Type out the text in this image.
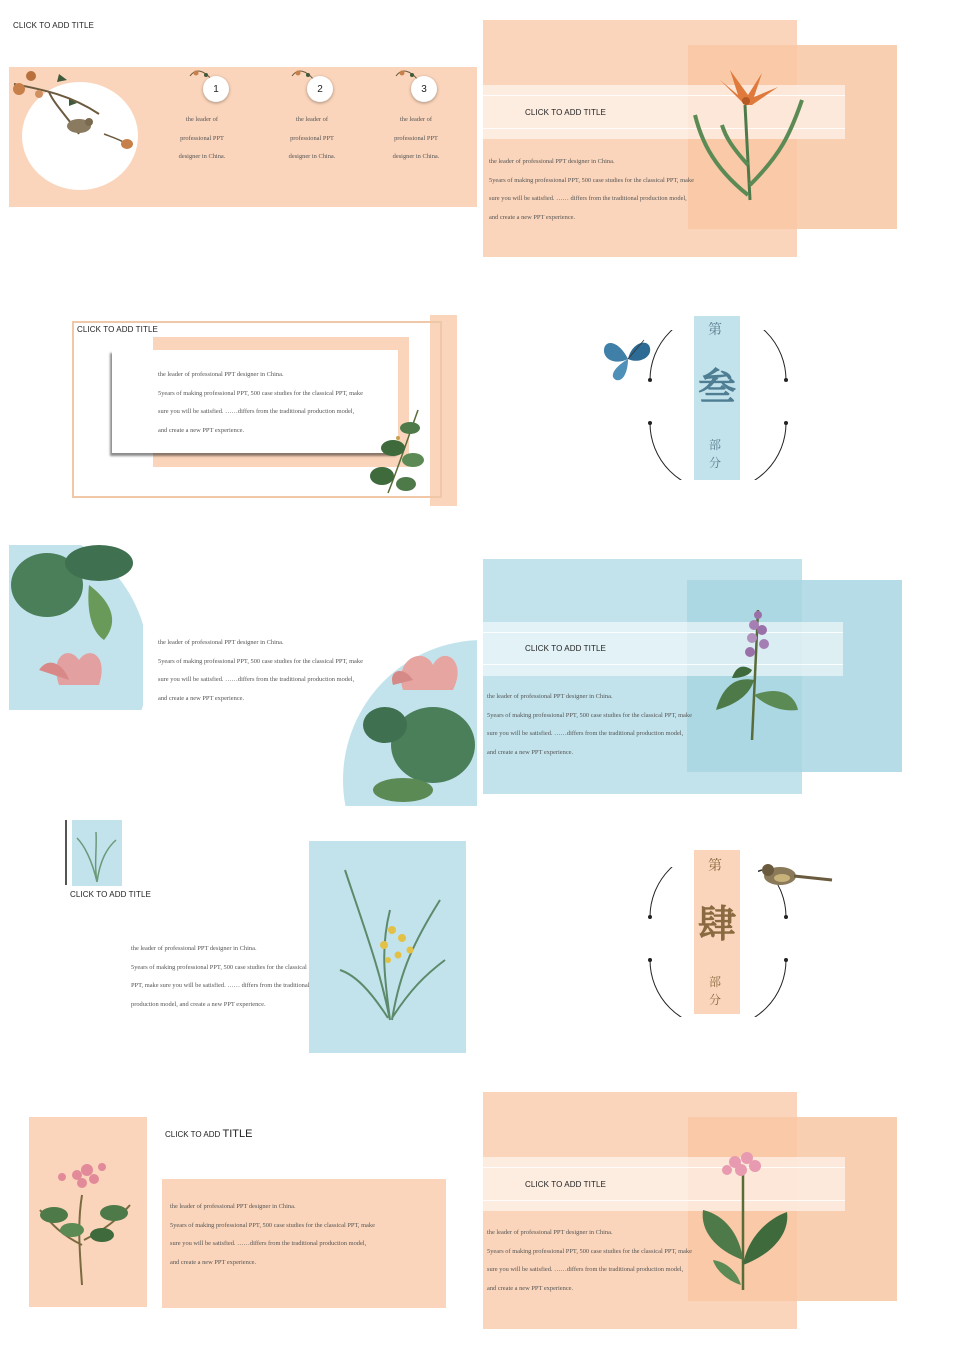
CLICK TO ADD TITLE
1	2	3

the leader of

professional PPT

designer in China.

the leader of

professional PPT

designer in China.

the leader of

professional PPT

designer in China.

CLICK TO ADD TITLE

the leader of professional PPT designer in China.

5years of making professional PPT, 500 case studies for the classical PPT, make

sure you will be satisfied. …… differs from the traditional production model,

and create a new PPT experience.

CLICK TO ADD TITLE

the leader of professional PPT designer in China.

5years of making professional PPT, 500 case studies for the classical PPT, make

sure you will be satisfied. ……differs from the traditional production model,

and create a new PPT experience.

第
叁
部
分

the leader of professional PPT designer in China.

5years of making professional PPT, 500 case studies for the classical PPT, make

sure you will be satisfied. ……differs from the traditional production model,

and create a new PPT experience.

CLICK TO ADD TITLE

the leader of professional PPT designer in China.

5years of making professional PPT, 500 case studies for the classical PPT, make

sure you will be satisfied. ……differs from the traditional production model,

and create a new PPT experience.

CLICK TO ADD TITLE

the leader of professional PPT designer in China.

5years of making professional PPT, 500 case studies for the classical

PPT, make sure you will be satisfied. …… differs from the traditional

production model, and create a new PPT experience.

第
肆
部
分
CLICK TO ADD TITLE

the leader of professional PPT designer in China.

5years of making professional PPT, 500 case studies for the classical PPT, make

sure you will be satisfied. ……differs from the traditional production model,

and create a new PPT experience.

CLICK TO ADD TITLE

the leader of professional PPT designer in China.

5years of making professional PPT, 500 case studies for the classical PPT, make

sure you will be satisfied. ……differs from the traditional production model,

and create a new PPT experience.
